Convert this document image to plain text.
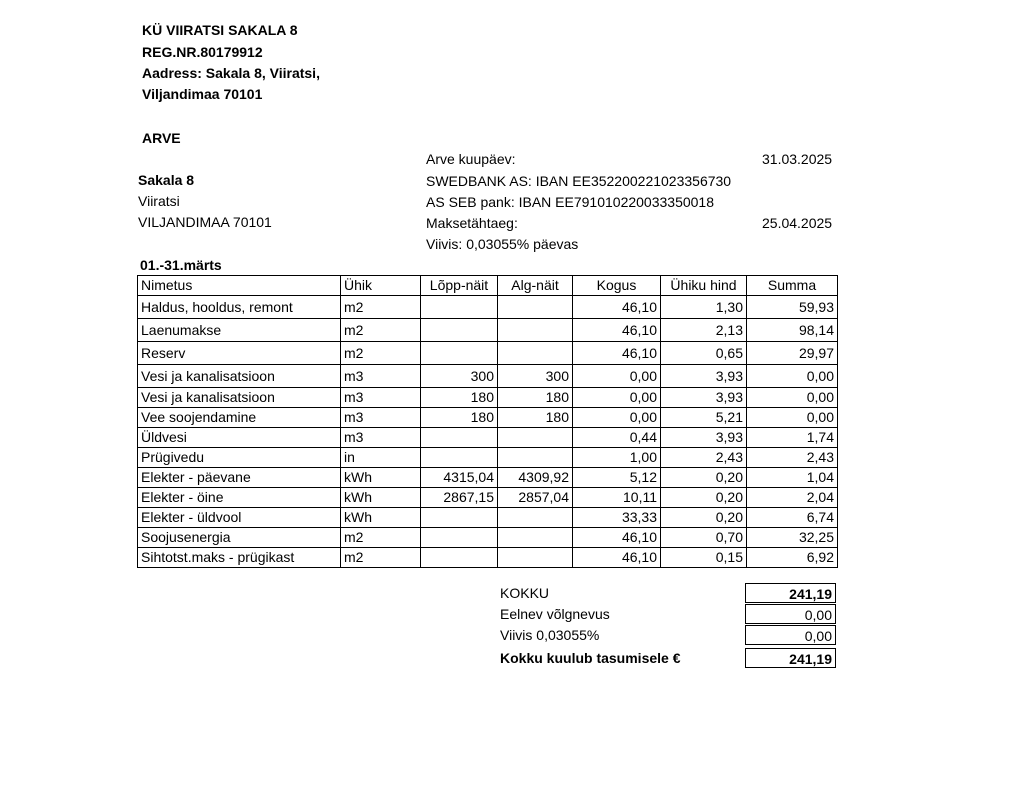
KÜ VIIRATSI SAKALA 8
REG.NR.80179912
Aadress: Sakala 8, Viiratsi,
Viljandimaa 70101
ARVE
Sakala 8
Viiratsi
VILJANDIMAA 70101
Arve kuupäev:	31.03.2025
SWEDBANK AS: IBAN EE352200221023356730
AS SEB pank: IBAN EE791010220033350018
Maksetähtaeg:	25.04.2025
Viivis: 0,03055% päevas
01.-31.märts
Nimetus	Ühik	Lõpp-näit	Alg-näit	Kogus	Ühiku hind	Summa
Haldus, hooldus, remont	m2			46,10	1,30	59,93
Laenumakse	m2			46,10	2,13	98,14
Reserv	m2			46,10	0,65	29,97
Vesi ja kanalisatsioon	m3	300	300	0,00	3,93	0,00
Vesi ja kanalisatsioon	m3	180	180	0,00	3,93	0,00
Vee soojendamine	m3	180	180	0,00	5,21	0,00
Üldvesi	m3			0,44	3,93	1,74
Prügivedu	in			1,00	2,43	2,43
Elekter - päevane	kWh	4315,04	4309,92	5,12	0,20	1,04
Elekter - öine	kWh	2867,15	2857,04	10,11	0,20	2,04
Elekter - üldvool	kWh			33,33	0,20	6,74
Soojusenergia	m2			46,10	0,70	32,25
Sihtotst.maks - prügikast	m2			46,10	0,15	6,92
KOKKU	241,19
Eelnev võlgnevus	0,00
Viivis 0,03055%	0,00
Kokku kuulub tasumisele €	241,19
